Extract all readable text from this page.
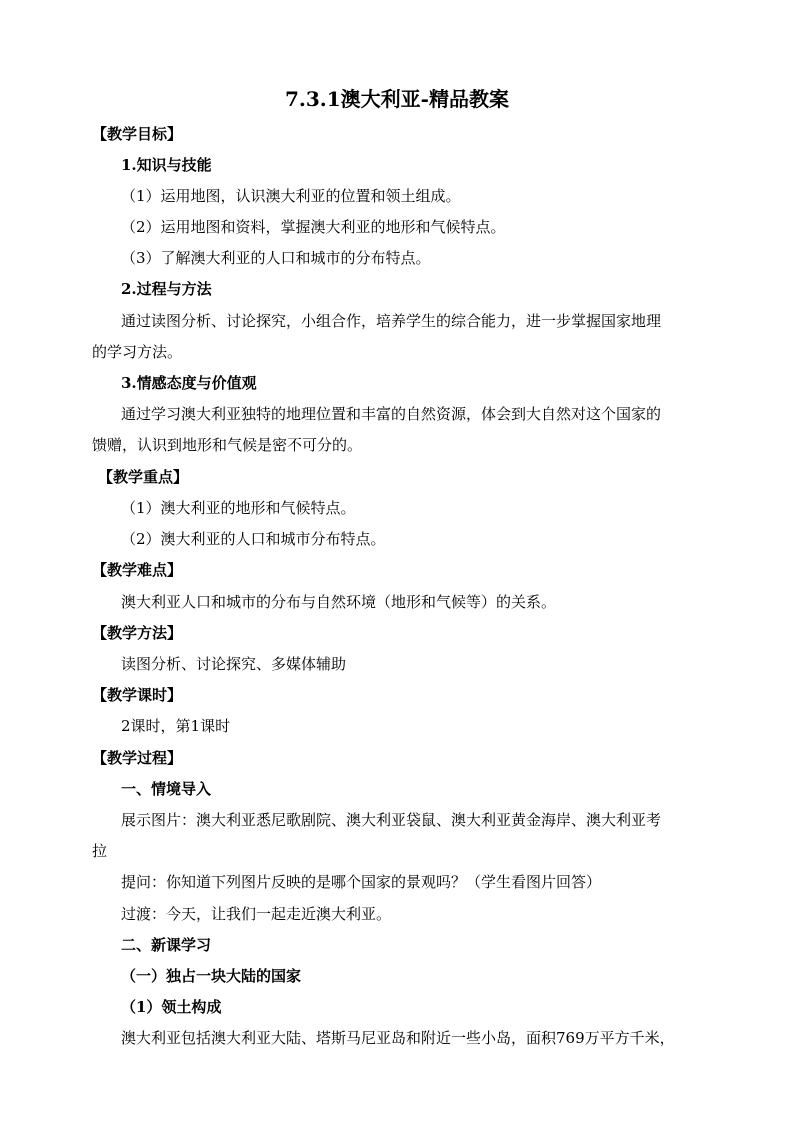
7.3.1澳大利亚-精品教案
【教学目标】
1.知识与技能
（1）运用地图，认识澳大利亚的位置和领土组成。
（2）运用地图和资料，掌握澳大利亚的地形和气候特点。
（3）了解澳大利亚的人口和城市的分布特点。
2.过程与方法
通过读图分析、讨论探究，小组合作，培养学生的综合能力，进一步掌握国家地理
的学习方法。
3.情感态度与价值观
通过学习澳大利亚独特的地理位置和丰富的自然资源，体会到大自然对这个国家的
馈赠，认识到地形和气候是密不可分的。
【教学重点】
（1）澳大利亚的地形和气候特点。
（2）澳大利亚的人口和城市分布特点。
【教学难点】
澳大利亚人口和城市的分布与自然环境（地形和气候等）的关系。
【教学方法】
读图分析、讨论探究、多媒体辅助
【教学课时】
2课时，第1课时
【教学过程】
一、情境导入
展示图片：澳大利亚悉尼歌剧院、澳大利亚袋鼠、澳大利亚黄金海岸、澳大利亚考
拉
提问：你知道下列图片反映的是哪个国家的景观吗？（学生看图片回答）
过渡：今天，让我们一起走近澳大利亚。
二、新课学习
（一）独占一块大陆的国家
（1）领土构成
澳大利亚包括澳大利亚大陆、塔斯马尼亚岛和附近一些小岛，面积769万平方千米，
